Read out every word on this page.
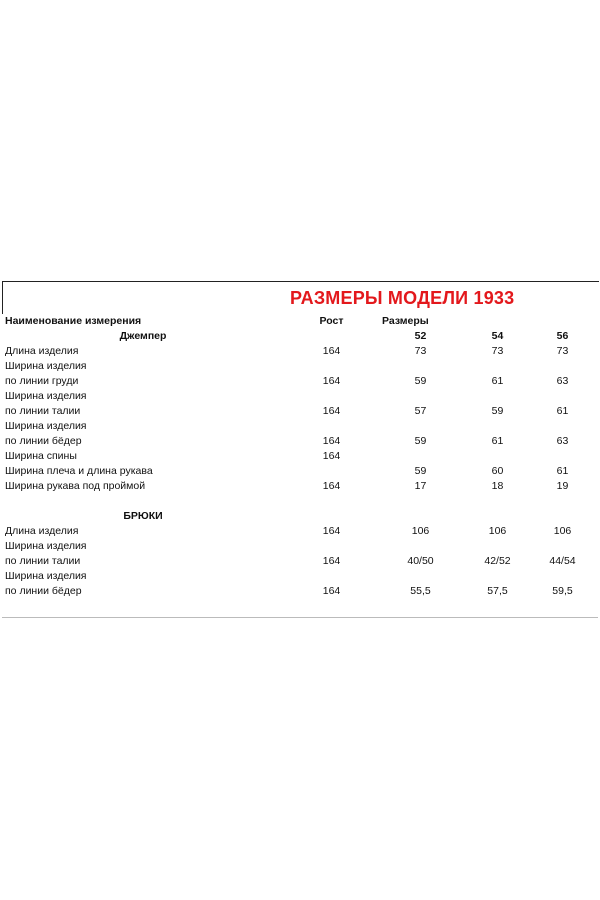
РАЗМЕРЫ МОДЕЛИ 1933
Наименование измерения	Рост	Размеры		
Джемпер		52	54	56
Длина изделия	164	73	73	73
Ширина изделия				
по линии груди	164	59	61	63
Ширина изделия				
по линии талии	164	57	59	61
Ширина изделия				
по линии бёдер	164	59	61	63
Ширина спины	164			
Ширина плеча и длина рукава		59	60	61
Ширина рукава под проймой	164	17	18	19

БРЮКИ				
Длина изделия	164	106	106	106
Ширина изделия				
по линии талии	164	40/50	42/52	44/54
Ширина изделия				
по линии бёдер	164	55,5	57,5	59,5
